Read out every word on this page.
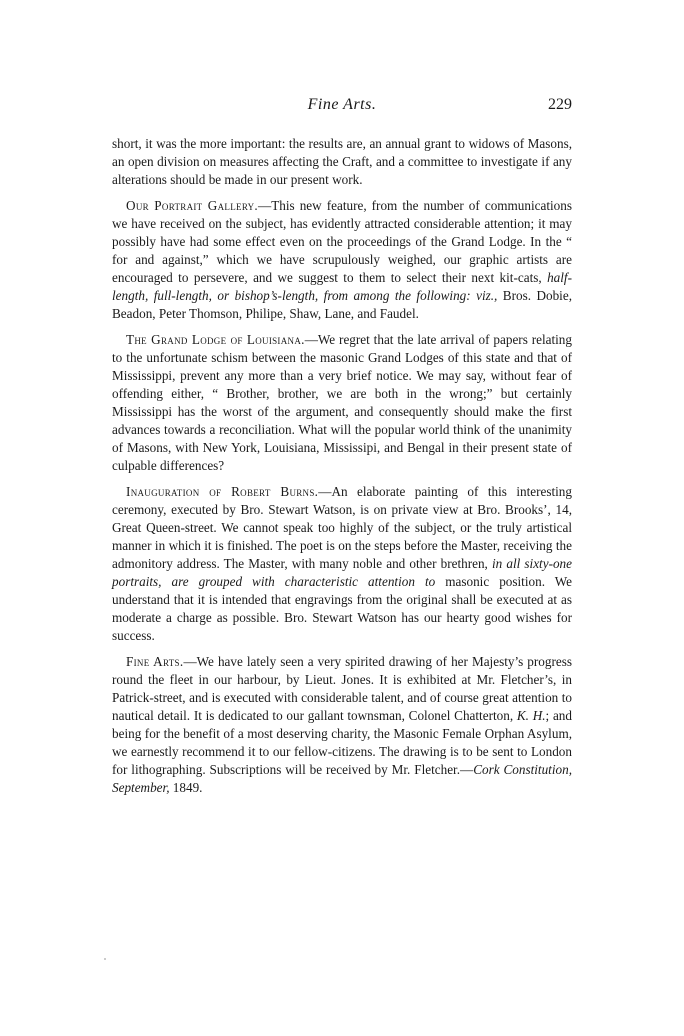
Fine Arts.	229

short, it was the more important: the results are, an annual grant to widows of Masons, an open division on measures affecting the Craft, and a committee to investigate if any alterations should be made in our present work.

Our Portrait Gallery.—This new feature, from the number of communications we have received on the subject, has evidently attracted considerable attention; it may possibly have had some effect even on the proceedings of the Grand Lodge. In the “ for and against,” which we have scrupulously weighed, our graphic artists are encouraged to persevere, and we suggest to them to select their next kit-cats, half-length, full-length, or bishop’s-length, from among the following: viz., Bros. Dobie, Beadon, Peter Thomson, Philipe, Shaw, Lane, and Faudel.

The Grand Lodge of Louisiana.—We regret that the late arrival of papers relating to the unfortunate schism between the masonic Grand Lodges of this state and that of Mississippi, prevent any more than a very brief notice. We may say, without fear of offending either, “ Brother, brother, we are both in the wrong;” but certainly Mississippi has the worst of the argument, and consequently should make the first advances towards a reconciliation. What will the popular world think of the unanimity of Masons, with New York, Louisiana, Mississipi, and Bengal in their present state of culpable differences?

Inauguration of Robert Burns.—An elaborate painting of this interesting ceremony, executed by Bro. Stewart Watson, is on private view at Bro. Brooks’, 14, Great Queen-street. We cannot speak too highly of the subject, or the truly artistical manner in which it is finished. The poet is on the steps before the Master, receiving the admonitory address. The Master, with many noble and other brethren, in all sixty-one portraits, are grouped with characteristic attention to masonic position. We understand that it is intended that engravings from the original shall be executed at as moderate a charge as possible. Bro. Stewart Watson has our hearty good wishes for success.

Fine Arts.—We have lately seen a very spirited drawing of her Majesty’s progress round the fleet in our harbour, by Lieut. Jones. It is exhibited at Mr. Fletcher’s, in Patrick-street, and is executed with considerable talent, and of course great attention to nautical detail. It is dedicated to our gallant townsman, Colonel Chatterton, K. H.; and being for the benefit of a most deserving charity, the Masonic Female Orphan Asylum, we earnestly recommend it to our fellow-citizens. The drawing is to be sent to London for lithographing. Subscriptions will be received by Mr. Fletcher.—Cork Constitution, September, 1849.
